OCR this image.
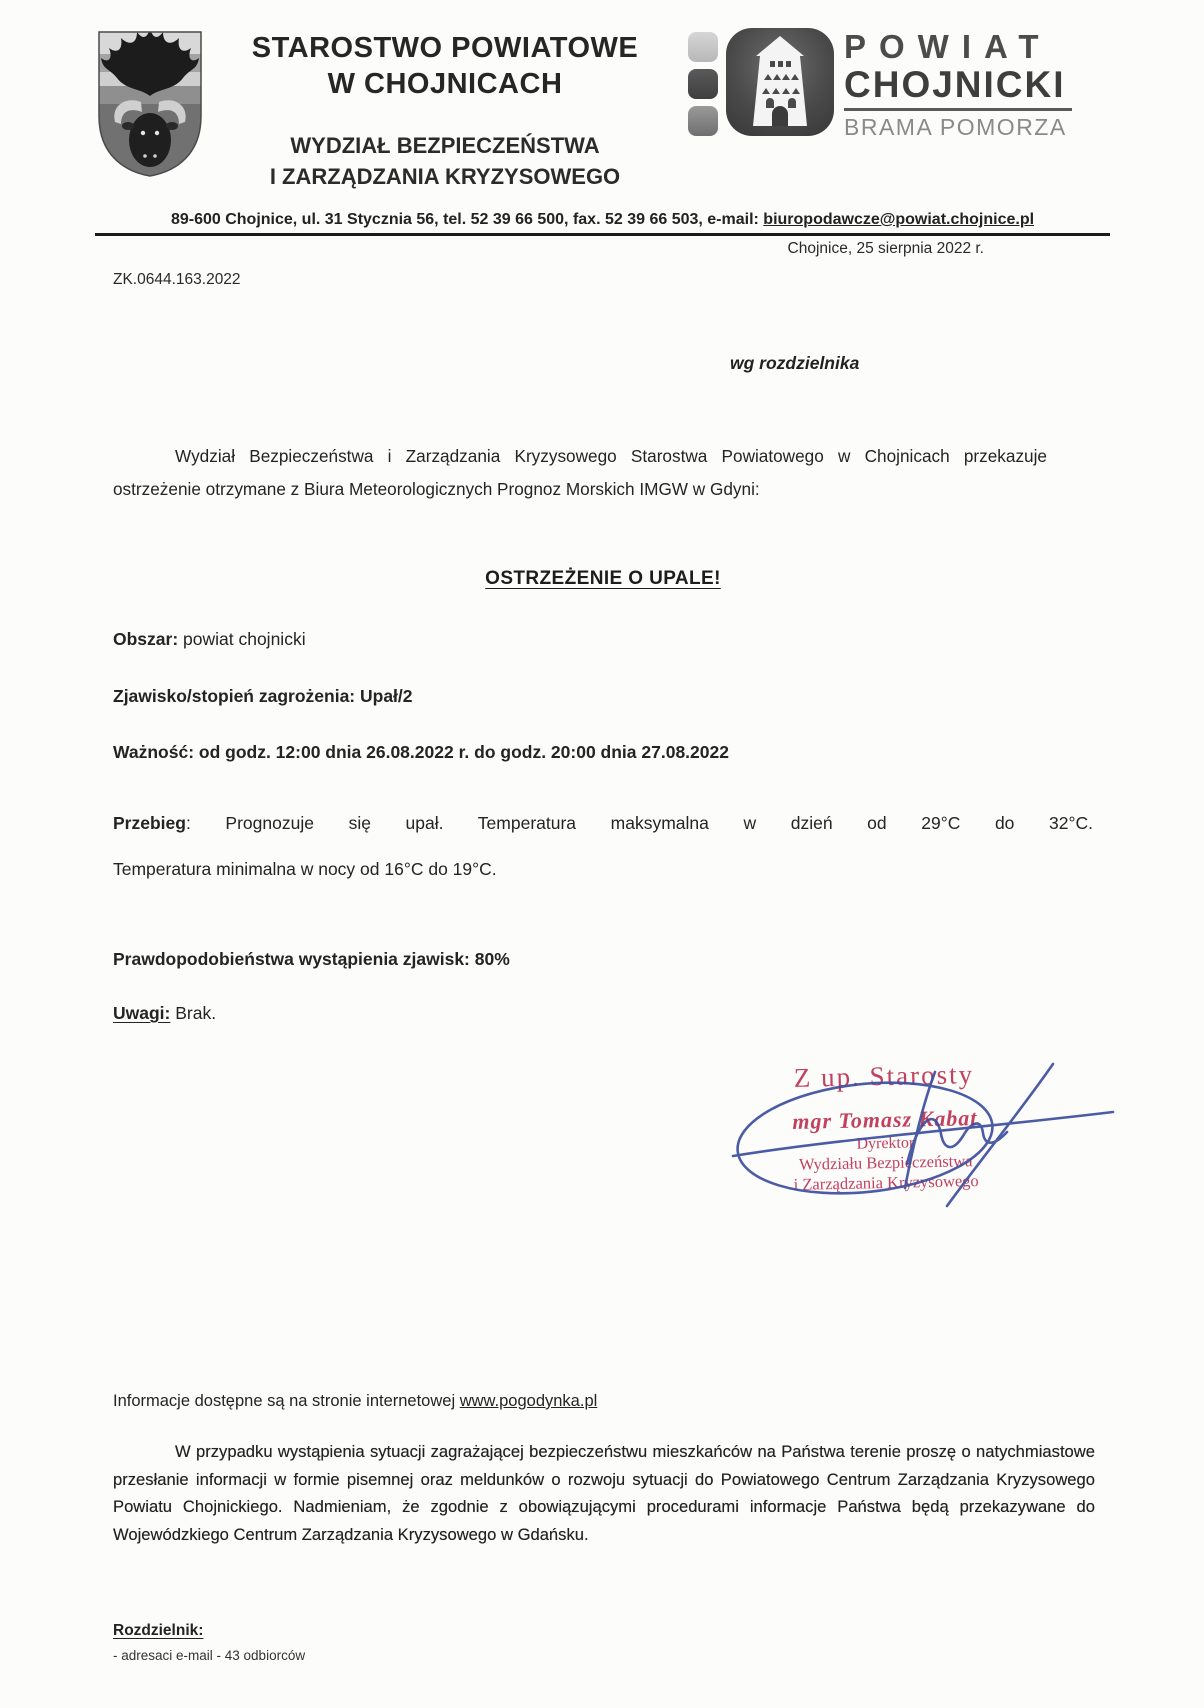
STAROSTWO POWIATOWE
W CHOJNICACH
WYDZIAŁ BEZPIECZEŃSTWA
I ZARZĄDZANIA KRYZYSOWEGO
POWIAT
CHOJNICKI
BRAMA POMORZA
89-600 Chojnice, ul. 31 Stycznia 56, tel. 52 39 66 500, fax. 52 39 66 503, e-mail: biuropodawcze@powiat.chojnice.pl
Chojnice, 25 sierpnia 2022 r.
ZK.0644.163.2022
wg rozdzielnika
Wydział Bezpieczeństwa i Zarządzania Kryzysowego Starostwa Powiatowego w Chojnicach przekazuje ostrzeżenie otrzymane z Biura Meteorologicznych Prognoz Morskich IMGW w Gdyni:
OSTRZEŻENIE O UPALE!
Obszar: powiat chojnicki
Zjawisko/stopień zagrożenia: Upał/2
Ważność: od godz. 12:00 dnia 26.08.2022 r. do godz. 20:00 dnia 27.08.2022
Przebieg: Prognozuje się upał. Temperatura maksymalna w dzień od 29°C do 32°C.
Temperatura minimalna w nocy od 16°C do 19°C.
Prawdopodobieństwa wystąpienia zjawisk: 80%
Uwagi: Brak.
Z up. Starosty
mgr Tomasz Kabat
Dyrektor
Wydziału Bezpieczeństwa
i Zarządzania Kryzysowego
Informacje dostępne są na stronie internetowej www.pogodynka.pl
W przypadku wystąpienia sytuacji zagrażającej bezpieczeństwu mieszkańców na Państwa terenie proszę o natychmiastowe przesłanie informacji w formie pisemnej oraz meldunków o rozwoju sytuacji do Powiatowego Centrum Zarządzania Kryzysowego Powiatu Chojnickiego. Nadmieniam, że zgodnie z obowiązującymi procedurami informacje Państwa będą przekazywane do Wojewódzkiego Centrum Zarządzania Kryzysowego w Gdańsku.
Rozdzielnik:
- adresaci e-mail - 43 odbiorców
